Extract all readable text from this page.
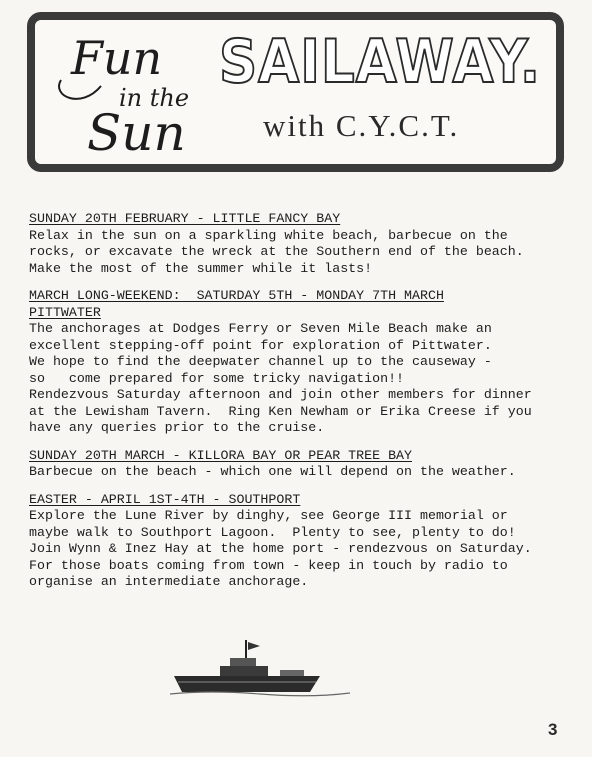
Fun
in the
Sun
SAILAWAY.
with C.Y.C.T.
SUNDAY 20TH FEBRUARY - LITTLE FANCY BAY
Relax in the sun on a sparkling white beach, barbecue on the
rocks, or excavate the wreck at the Southern end of the beach.
Make the most of the summer while it lasts!
MARCH LONG-WEEKEND:  SATURDAY 5TH - MONDAY 7TH MARCH
PITTWATER
The anchorages at Dodges Ferry or Seven Mile Beach make an
excellent stepping-off point for exploration of Pittwater.
We hope to find the deepwater channel up to the causeway -
so   come prepared for some tricky navigation!!
Rendezvous Saturday afternoon and join other members for dinner
at the Lewisham Tavern.  Ring Ken Newham or Erika Creese if you
have any queries prior to the cruise.
SUNDAY 20TH MARCH - KILLORA BAY OR PEAR TREE BAY
Barbecue on the beach - which one will depend on the weather.
EASTER - APRIL 1ST-4TH - SOUTHPORT
Explore the Lune River by dinghy, see George III memorial or
maybe walk to Southport Lagoon.  Plenty to see, plenty to do!
Join Wynn & Inez Hay at the home port - rendezvous on Saturday.
For those boats coming from town - keep in touch by radio to
organise an intermediate anchorage.
3
